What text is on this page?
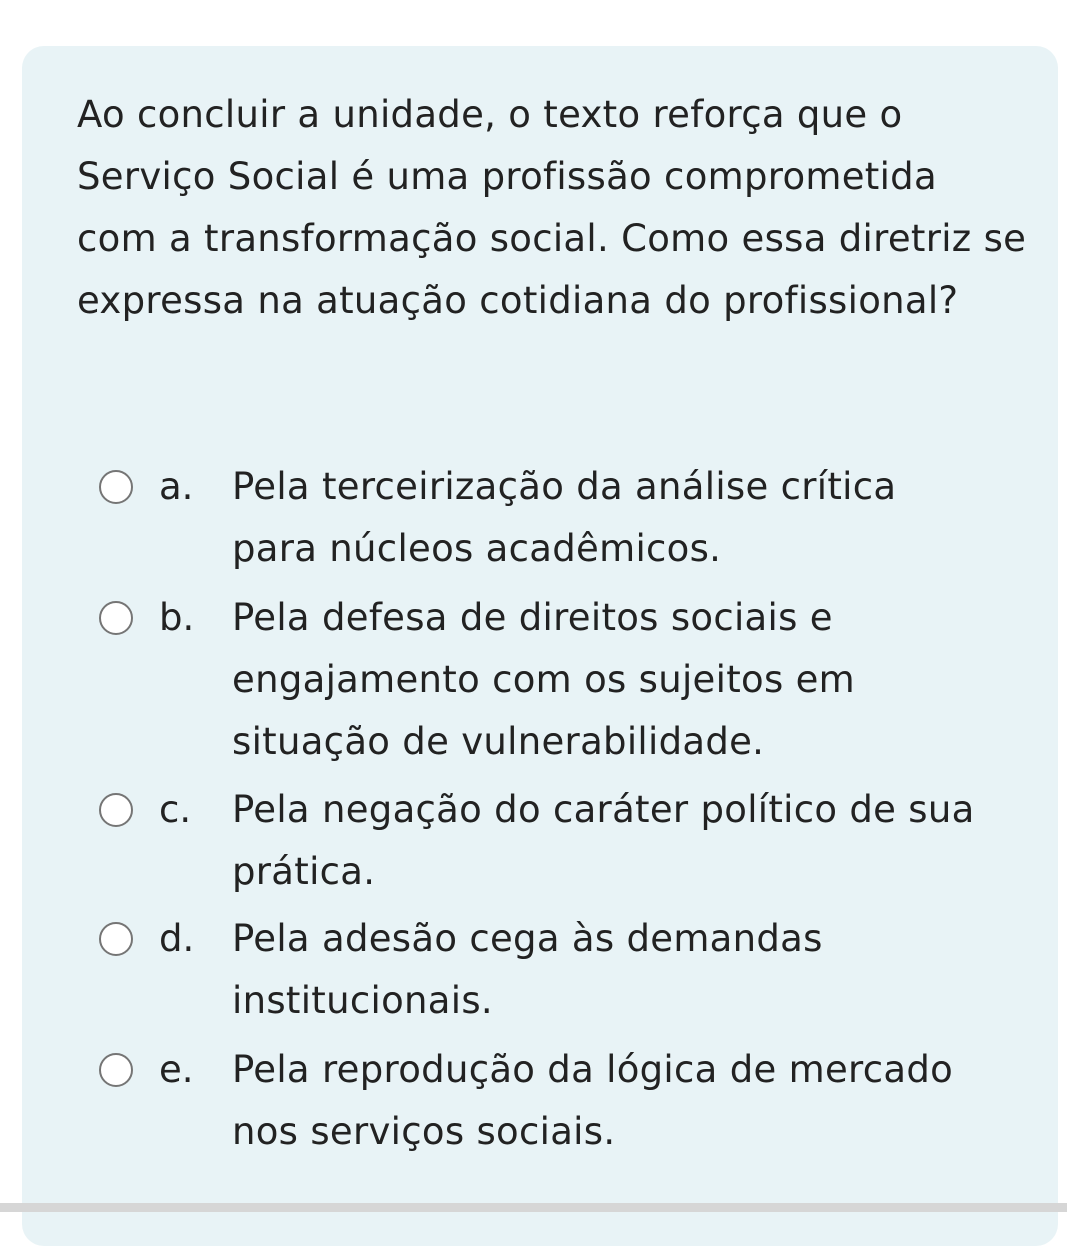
Ao concluir a unidade, o texto reforça que o Serviço Social é uma profissão comprometida com a transformação social. Como essa diretriz se expressa na atuação cotidiana do profissional?

a. Pela terceirização da análise crítica para núcleos acadêmicos.
b. Pela defesa de direitos sociais e engajamento com os sujeitos em situação de vulnerabilidade.
c. Pela negação do caráter político de sua prática.
d. Pela adesão cega às demandas institucionais.
e. Pela reprodução da lógica de mercado nos serviços sociais.
